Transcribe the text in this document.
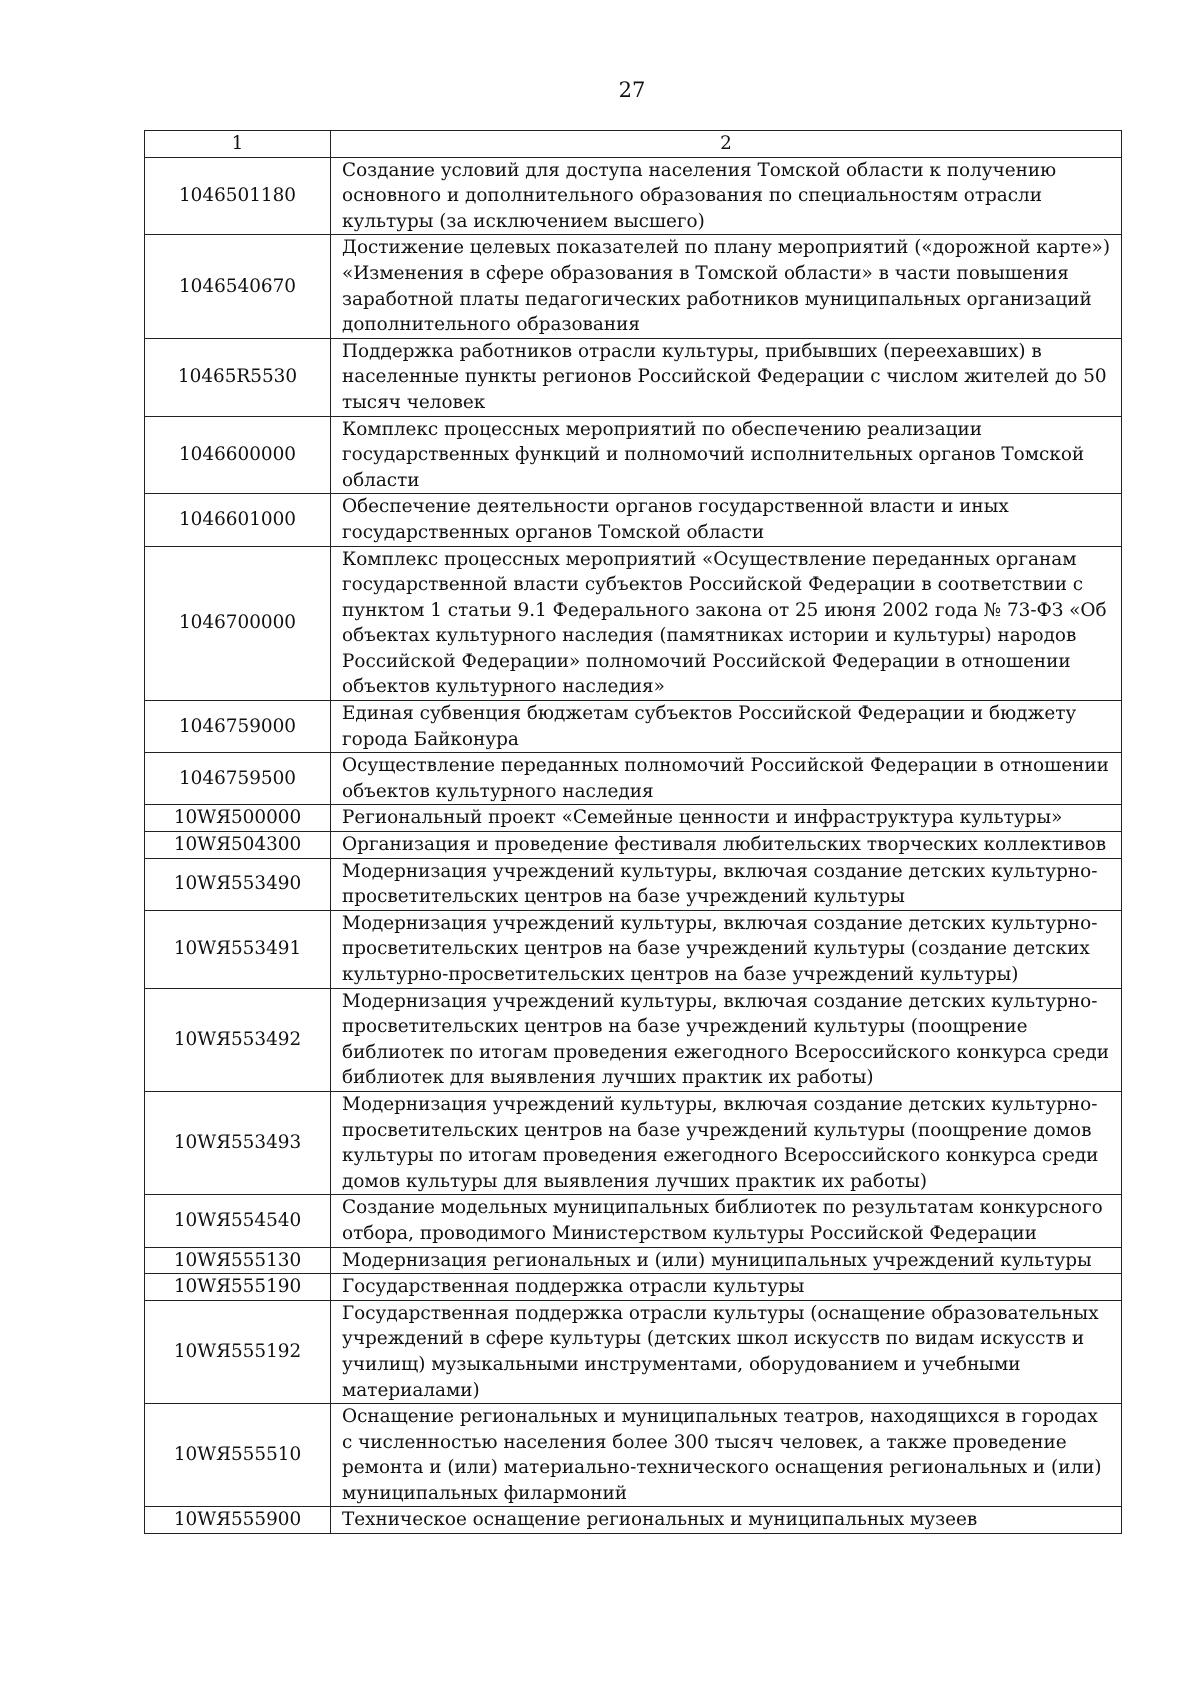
27
1	2
1046501180	Создание условий для доступа населения Томской области к получению основного и дополнительного образования по специальностям отрасли культуры (за исключением высшего)
1046540670	Достижение целевых показателей по плану мероприятий («дорожной карте») «Изменения в сфере образования в Томской области» в части повышения заработной платы педагогических работников муниципальных организаций дополнительного образования
10465R5530	Поддержка работников отрасли культуры, прибывших (переехавших) в населенные пункты регионов Российской Федерации с числом жителей до 50 тысяч человек
1046600000	Комплекс процессных мероприятий по обеспечению реализации государственных функций и полномочий исполнительных органов Томской области
1046601000	Обеспечение деятельности органов государственной власти и иных государственных органов Томской области
1046700000	Комплекс процессных мероприятий «Осуществление переданных органам государственной власти субъектов Российской Федерации в соответствии с пунктом 1 статьи 9.1 Федерального закона от 25 июня 2002 года № 73-ФЗ «Об объектах культурного наследия (памятниках истории и культуры) народов Российской Федерации» полномочий Российской Федерации в отношении объектов культурного наследия»
1046759000	Единая субвенция бюджетам субъектов Российской Федерации и бюджету города Байконура
1046759500	Осуществление переданных полномочий Российской Федерации в отношении объектов культурного наследия
10WЯ500000	Региональный проект «Семейные ценности и инфраструктура культуры»
10WЯ504300	Организация и проведение фестиваля любительских творческих коллективов
10WЯ553490	Модернизация учреждений культуры, включая создание детских культурно-просветительских центров на базе учреждений культуры
10WЯ553491	Модернизация учреждений культуры, включая создание детских культурно-просветительских центров на базе учреждений культуры (создание детских культурно-просветительских центров на базе учреждений культуры)
10WЯ553492	Модернизация учреждений культуры, включая создание детских культурно-просветительских центров на базе учреждений культуры (поощрение библиотек по итогам проведения ежегодного Всероссийского конкурса среди библиотек для выявления лучших практик их работы)
10WЯ553493	Модернизация учреждений культуры, включая создание детских культурно-просветительских центров на базе учреждений культуры (поощрение домов культуры по итогам проведения ежегодного Всероссийского конкурса среди домов культуры для выявления лучших практик их работы)
10WЯ554540	Создание модельных муниципальных библиотек по результатам конкурсного отбора, проводимого Министерством культуры Российской Федерации
10WЯ555130	Модернизация региональных и (или) муниципальных учреждений культуры
10WЯ555190	Государственная поддержка отрасли культуры
10WЯ555192	Государственная поддержка отрасли культуры (оснащение образовательных учреждений в сфере культуры (детских школ искусств по видам искусств и училищ) музыкальными инструментами, оборудованием и учебными материалами)
10WЯ555510	Оснащение региональных и муниципальных театров, находящихся в городах с численностью населения более 300 тысяч человек, а также проведение ремонта и (или) материально-технического оснащения региональных и (или) муниципальных филармоний
10WЯ555900	Техническое оснащение региональных и муниципальных музеев
